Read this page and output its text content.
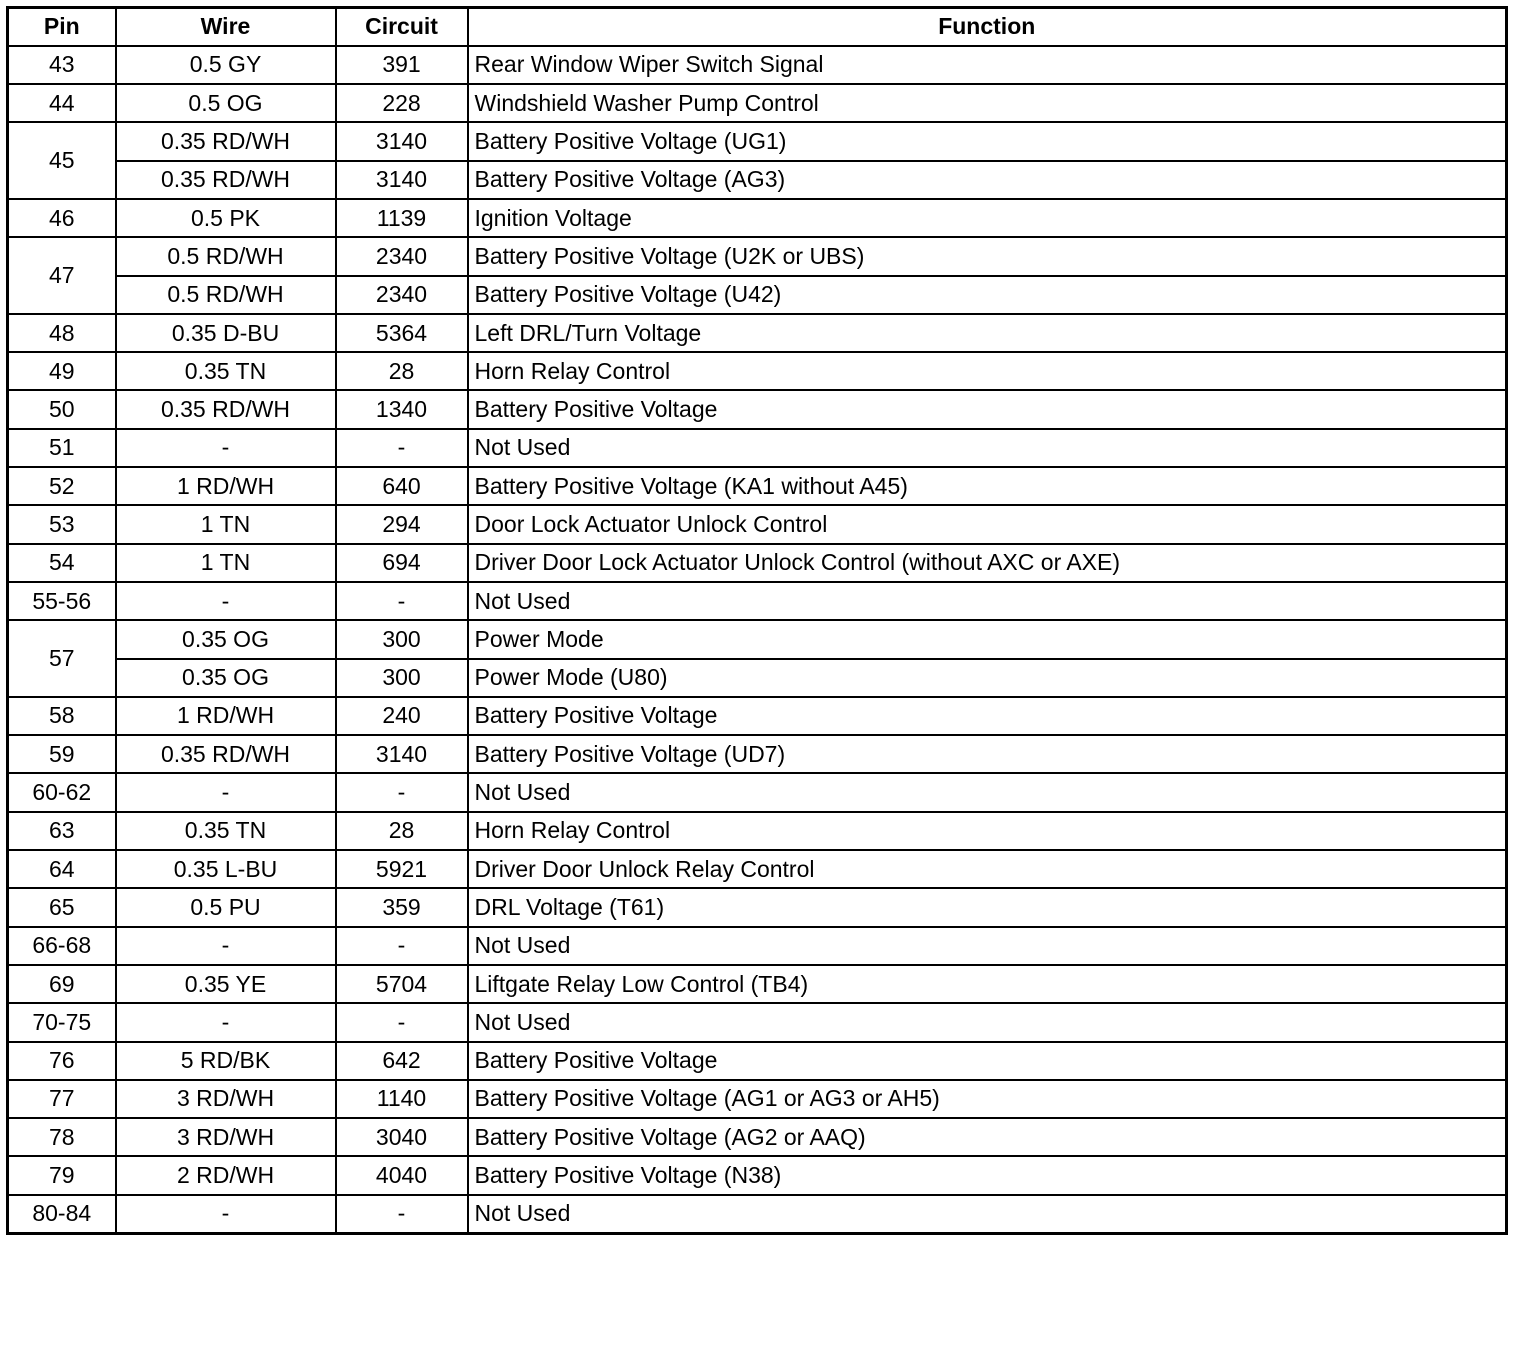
Pin	Wire	Circuit	Function
43	0.5 GY	391	Rear Window Wiper Switch Signal
44	0.5 OG	228	Windshield Washer Pump Control
45	0.35 RD/WH	3140	Battery Positive Voltage (UG1)
	0.35 RD/WH	3140	Battery Positive Voltage (AG3)
46	0.5 PK	1139	Ignition Voltage
47	0.5 RD/WH	2340	Battery Positive Voltage (U2K or UBS)
	0.5 RD/WH	2340	Battery Positive Voltage (U42)
48	0.35 D-BU	5364	Left DRL/Turn Voltage
49	0.35 TN	28	Horn Relay Control
50	0.35 RD/WH	1340	Battery Positive Voltage
51	-	-	Not Used
52	1 RD/WH	640	Battery Positive Voltage (KA1 without A45)
53	1 TN	294	Door Lock Actuator Unlock Control
54	1 TN	694	Driver Door Lock Actuator Unlock Control (without AXC or AXE)
55-56	-	-	Not Used
57	0.35 OG	300	Power Mode
	0.35 OG	300	Power Mode (U80)
58	1 RD/WH	240	Battery Positive Voltage
59	0.35 RD/WH	3140	Battery Positive Voltage (UD7)
60-62	-	-	Not Used
63	0.35 TN	28	Horn Relay Control
64	0.35 L-BU	5921	Driver Door Unlock Relay Control
65	0.5 PU	359	DRL Voltage (T61)
66-68	-	-	Not Used
69	0.35 YE	5704	Liftgate Relay Low Control (TB4)
70-75	-	-	Not Used
76	5 RD/BK	642	Battery Positive Voltage
77	3 RD/WH	1140	Battery Positive Voltage (AG1 or AG3 or AH5)
78	3 RD/WH	3040	Battery Positive Voltage (AG2 or AAQ)
79	2 RD/WH	4040	Battery Positive Voltage (N38)
80-84	-	-	Not Used
